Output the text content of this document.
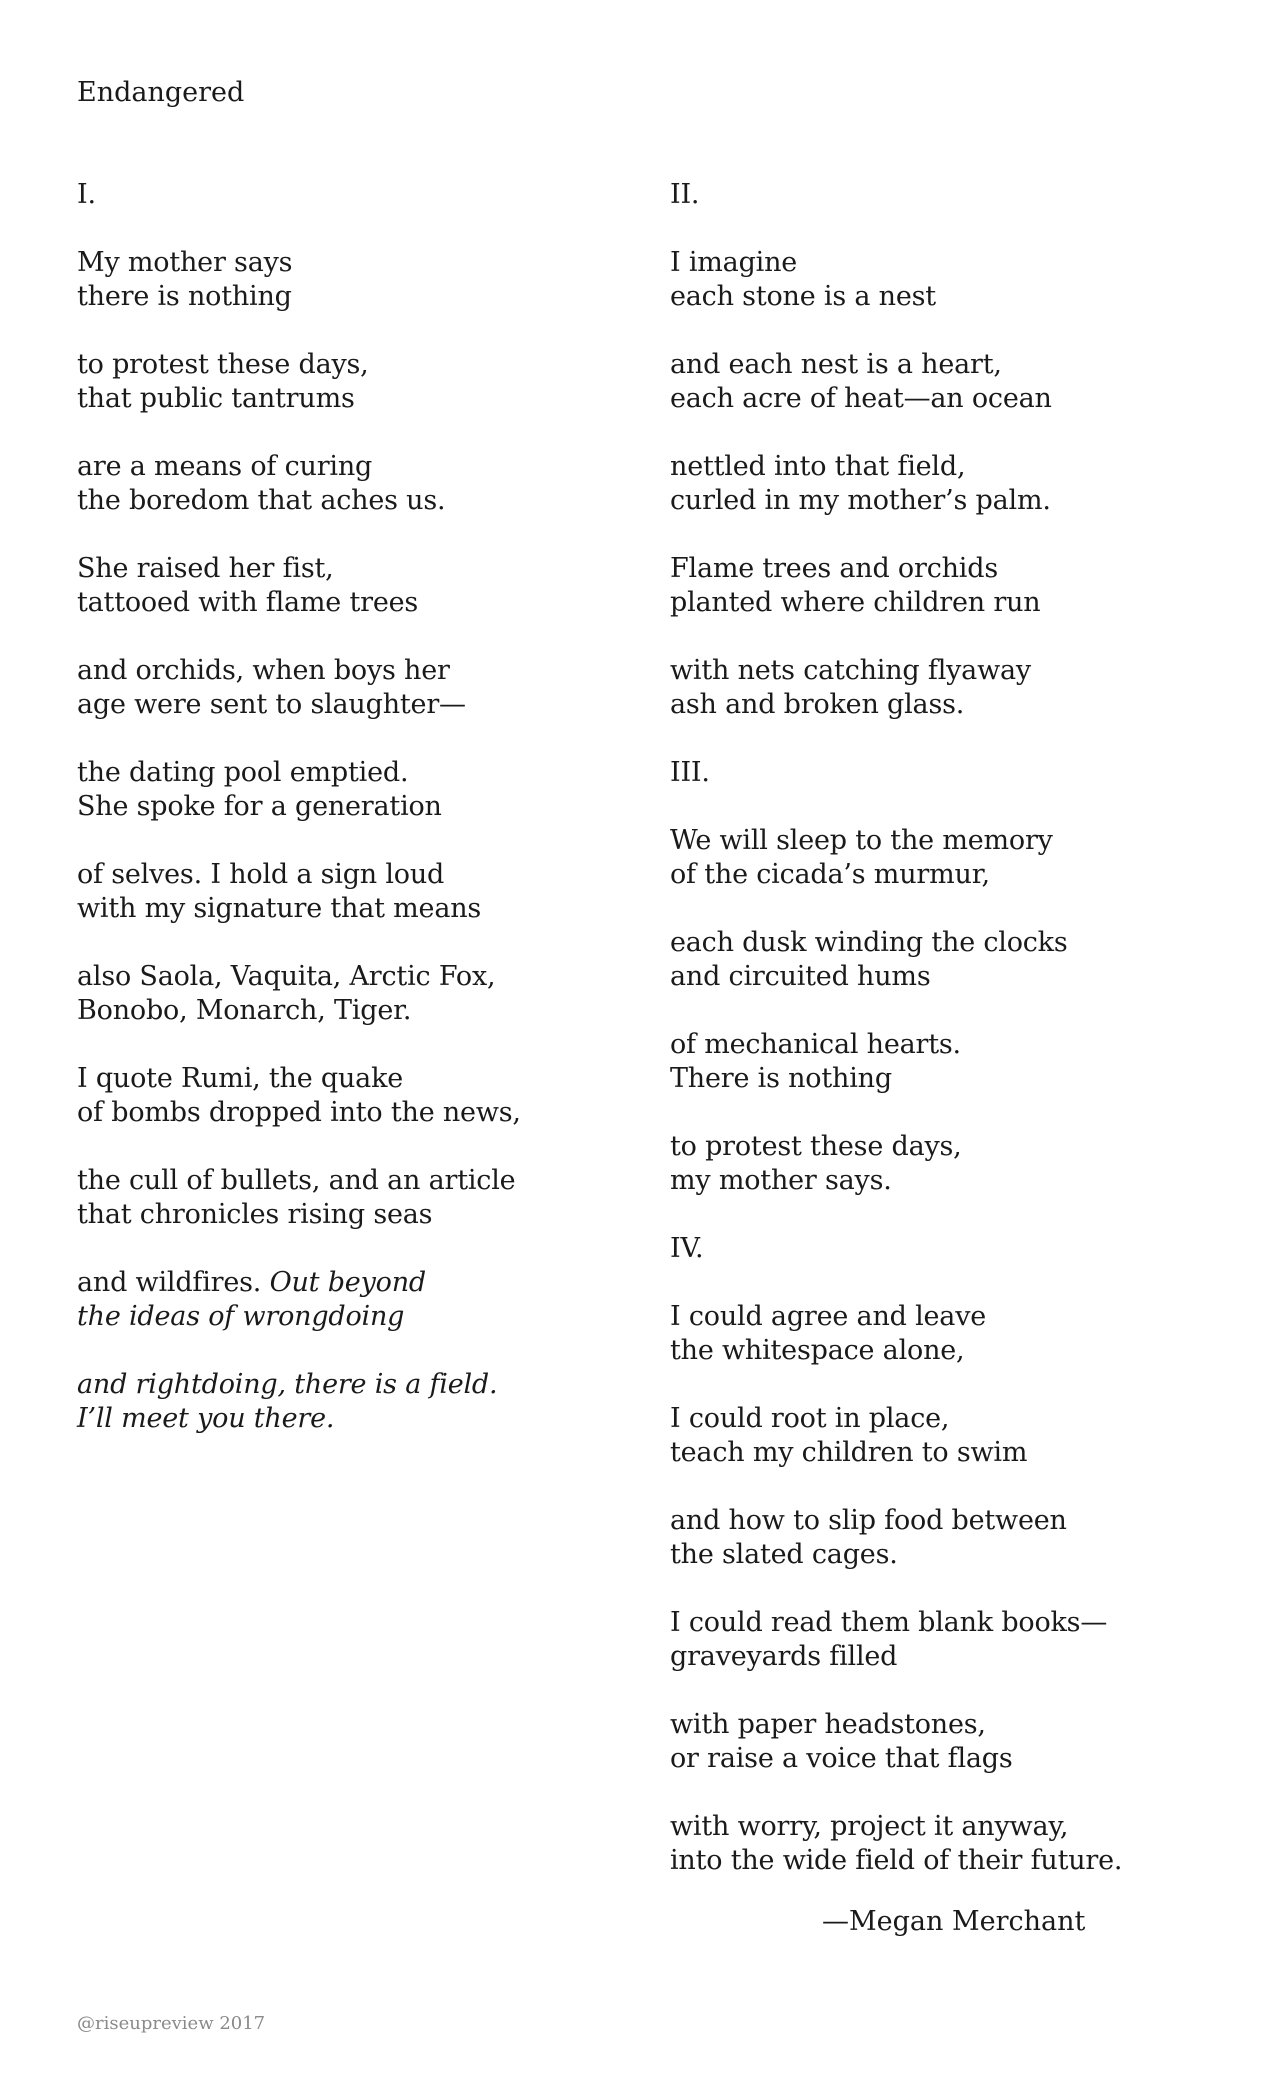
Endangered
I.
My mother says
there is nothing
to protest these days,
that public tantrums
are a means of curing
the boredom that aches us.
She raised her fist,
tattooed with flame trees
and orchids, when boys her
age were sent to slaughter—
the dating pool emptied.
She spoke for a generation
of selves. I hold a sign loud
with my signature that means
also Saola, Vaquita, Arctic Fox,
Bonobo, Monarch, Tiger.
I quote Rumi, the quake
of bombs dropped into the news,
the cull of bullets, and an article
that chronicles rising seas
and wildfires. Out beyond
the ideas of wrongdoing
and rightdoing, there is a field.
I’ll meet you there.
II.
I imagine
each stone is a nest
and each nest is a heart,
each acre of heat—an ocean
nettled into that field,
curled in my mother’s palm.
Flame trees and orchids
planted where children run
with nets catching flyaway
ash and broken glass.
III.
We will sleep to the memory
of the cicada’s murmur,
each dusk winding the clocks
and circuited hums
of mechanical hearts.
There is nothing
to protest these days,
my mother says.
IV.
I could agree and leave
the whitespace alone,
I could root in place,
teach my children to swim
and how to slip food between
the slated cages.
I could read them blank books—
graveyards filled
with paper headstones,
or raise a voice that flags
with worry, project it anyway,
into the wide field of their future.
—Megan Merchant
@riseupreview 2017
